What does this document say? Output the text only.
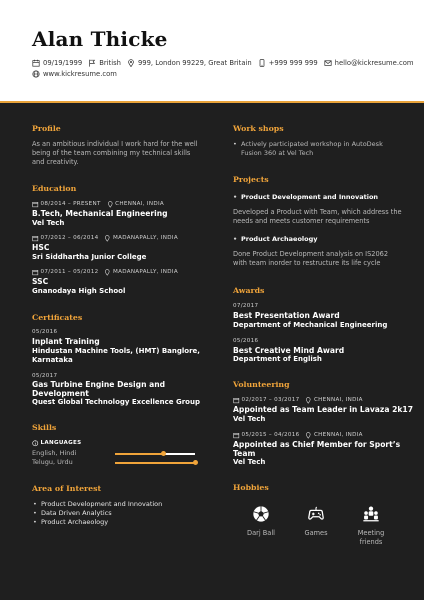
Alan Thicke
09/19/1999	British	999, London 99229, Great Britain	+999 999 999	hello@kickresume.com
www.kickresume.com
Profile
As an ambitious individual I work hard for the well being of the team combining my technical skills and creativity.
Education
08/2014 – PRESENT	CHENNAI, INDIA
B.Tech, Mechanical Engineering
Vel Tech
07/2012 – 06/2014	MADANAPALLY, INDIA
HSC
Sri Siddhartha Junior College
07/2011 – 05/2012	MADANAPALLY, INDIA
SSC
Gnanodaya High School
Certificates
05/2016
Inplant Training
Hindustan Machine Tools, (HMT) Banglore, Karnataka
05/2017
Gas Turbine Engine Design and Development
Quest Global Technology Excellence Group
Skills
LANGUAGES
English, Hindi
Telugu, Urdu
Area of Interest
• Product Development and Innovation
• Data Driven Analytics
• Product Archaeology
Work shops
• Actively participated workshop in AutoDesk Fusion 360 at Vel Tech
Projects
• Product Development and Innovation
Developed a Product with Team, which address the needs and meets customer requirements
• Product Archaeology
Done Product Development analysis on IS2062 with team inorder to restructure its life cycle
Awards
07/2017
Best Presentation Award
Department of Mechanical Engineering
05/2016
Best Creative Mind Award
Department of English
Volunteering
02/2017 – 03/2017	CHENNAI, INDIA
Appointed as Team Leader in Lavaza 2k17
Vel Tech
05/2015 – 04/2016	CHENNAI, INDIA
Appointed as Chief Member for Sport’s Team
Vel Tech
Hobbies
Darj Ball	Games	Meeting friends
